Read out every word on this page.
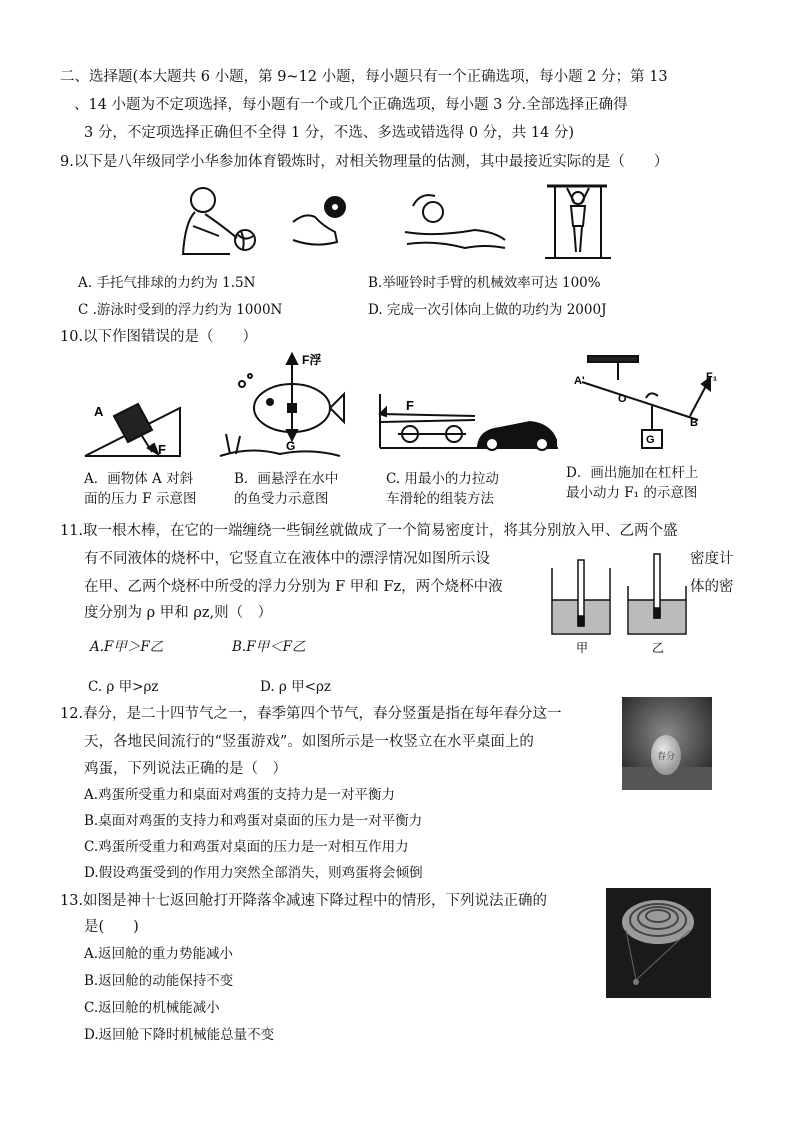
二、选择题(本大题共 6 小题，第 9~12 小题，每小题只有一个正确选项，每小题 2 分；第 13
、14 小题为不定项选择，每小题有一个或几个正确选项，每小题 3 分.全部选择正确得
3 分，不定项选择正确但不全得 1 分，不选、多选或错选得 0 分，共 14 分)
9.以下是八年级同学小华参加体育锻炼时，对相关物理量的估测，其中最接近实际的是（　　）
A. 手托气排球的力约为 1.5N	B.举哑铃时手臂的机械效率可达 100%
C .游泳时受到的浮力约为 1000N	D. 完成一次引体向上做的功约为 2000J
10.以下作图错误的是（　　）
A
F
F浮
G
F
A'
O
F₁
B
G
A．画物体 A 对斜
面的压力 F 示意图
B．画悬浮在水中
的鱼受力示意图
C. 用最小的力拉动
车滑轮的组装方法
D．画出施加在杠杆上
最小动力 F₁ 的示意图
11.取一根木棒，在它的一端缠绕一些铜丝就做成了一个简易密度计，将其分别放入甲、乙两个盛
有不同液体的烧杯中，它竖直立在液体中的漂浮情况如图所示设	密度计
在甲、乙两个烧杯中所受的浮力分别为 F 甲和 Fz，两个烧杯中液	体的密
度分别为 ρ 甲和 ρz,则（　）
甲	乙
A.F甲＞F乙	B.F甲＜F乙
C. ρ 甲>ρz	D. ρ 甲<ρz
12.春分，是二十四节气之一，春季第四个节气，春分竖蛋是指在每年春分这一
天，各地民间流行的“竖蛋游戏”。如图所示是一枚竖立在水平桌面上的
鸡蛋，下列说法正确的是（　）
A.鸡蛋所受重力和桌面对鸡蛋的支持力是一对平衡力
B.桌面对鸡蛋的支持力和鸡蛋对桌面的压力是一对平衡力
C.鸡蛋所受重力和鸡蛋对桌面的压力是一对相互作用力
D.假设鸡蛋受到的作用力突然全部消失，则鸡蛋将会倾倒
春分
13.如图是神十七返回舱打开降落伞减速下降过程中的情形，下列说法正确的
是(　　)
A.返回舱的重力势能减小
B.返回舱的动能保持不变
C.返回舱的机械能减小
D.返回舱下降时机械能总量不变
